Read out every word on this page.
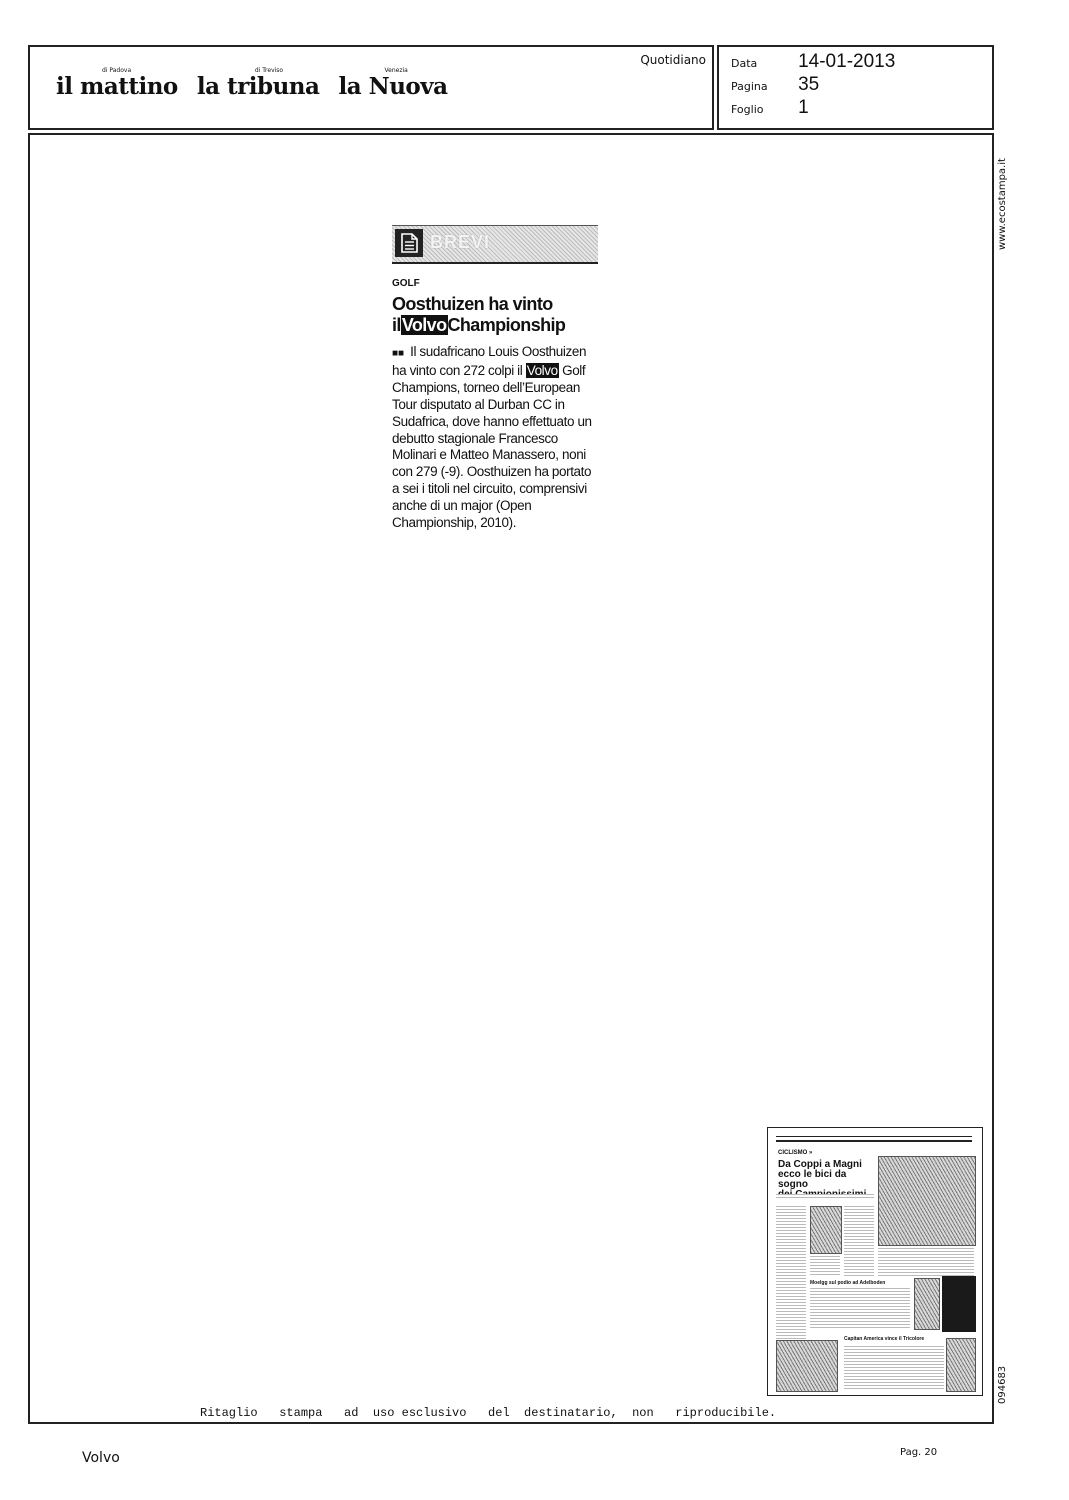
di Padova
il mattino
di Treviso
la tribuna
Venezia
la Nuova
Quotidiano Data 14-01-2013
Pagina 35
Foglio 1
www.ecostampa.it
094683
BREVI
GOLF
Oosthuizen ha vinto
ilVolvoChampionship
■■ Il sudafricano Louis Oosthuizen ha vinto con 272 colpi il Volvo Golf Champions, torneo dell’European Tour disputato al Durban CC in Sudafrica, dove hanno effettuato un debutto stagionale Francesco Molinari e Matteo Manassero, noni con 279 (-9). Oosthuizen ha portato a sei i titoli nel circuito, comprensivi anche di un major (Open Championship, 2010).
CICLISMO »
Da Coppi a Magni
ecco le bici da sogno
Moelgg sul podio ad Adelboden
Capitan America vince il Tricolore
Ritaglio   stampa   ad  uso esclusivo   del  destinatario,  non   riproducibile.
Volvo	Pag. 20
